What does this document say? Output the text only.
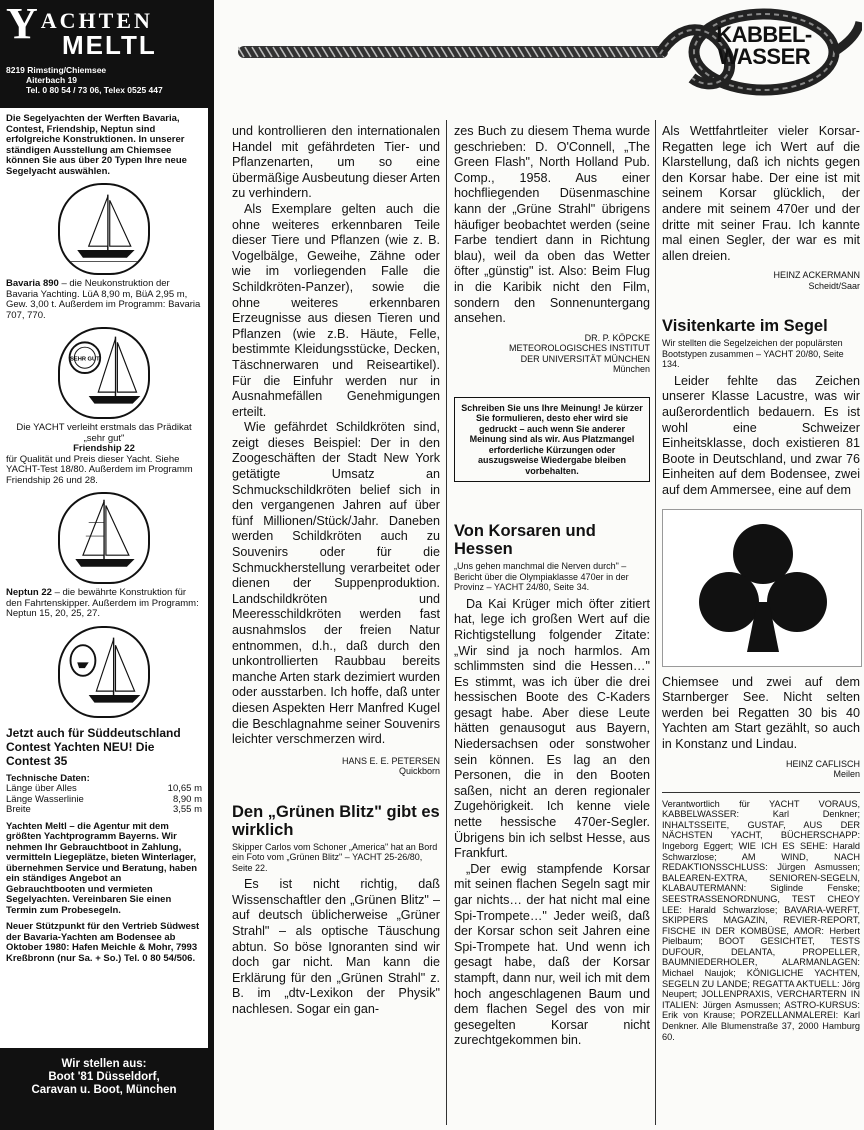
YACHTEN
MELTL
8219 Rimsting/Chiemsee
Aiterbach 19
Tel. 0 80 54 / 73 06, Telex 0525 447
Die Segelyachten der Werften Bavaria, Contest, Friendship, Neptun sind erfolgreiche Konstruktionen. In unserer ständigen Ausstellung am Chiemsee können Sie aus über 20 Typen Ihre neue Segelyacht auswählen.
Bavaria 890 – die Neukonstruktion der Bavaria Yachting. LüA 8,90 m, BüA 2,95 m, Gew. 3,00 t. Außerdem im Programm: Bavaria 707, 770.
SEHR GUT
Die YACHT verleiht erstmals das Prädikat „sehr gut"
Friendship 22
für Qualität und Preis dieser Yacht. Siehe YACHT-Test 18/80. Außerdem im Programm Friendship 26 und 28.
Neptun 22 – die bewährte Konstruktion für den Fahrtenskipper. Außerdem im Programm: Neptun 15, 20, 25, 27.
Jetzt auch für Süddeutschland Contest Yachten NEU! Die Contest 35
Technische Daten:
Länge über Alles	10,65 m
Länge Wasserlinie	8,90 m
Breite	3,55 m
Yachten Meltl – die Agentur mit dem größten Yachtprogramm Bayerns. Wir nehmen Ihr Gebrauchtboot in Zahlung, vermitteln Liegeplätze, bieten Winterlager, übernehmen Service und Beratung, haben ein ständiges Angebot an Gebrauchtbooten und vermieten Segelyachten. Vereinbaren Sie einen Termin zum Probesegeln.
Neuer Stützpunkt für den Vertrieb Südwest der Bavaria-Yachten am Bodensee ab Oktober 1980: Hafen Meichle & Mohr, 7993 Kreßbronn (nur Sa. + So.) Tel. 0 80 54/506.
Wir stellen aus:
Boot '81 Düsseldorf,
Caravan u. Boot, München
KABBEL-
WASSER

und kontrollieren den internationalen Handel mit gefährdeten Tier- und Pflanzenarten, um so eine übermäßige Ausbeutung dieser Arten zu verhindern.

Als Exemplare gelten auch die ohne weiteres erkennbaren Teile dieser Tiere und Pflanzen (wie z. B. Vogelbälge, Geweihe, Zähne oder wie im vorliegenden Falle die Schildkröten-Panzer), sowie die ohne weiteres erkennbaren Erzeugnisse aus diesen Tieren und Pflanzen (wie z.B. Häute, Felle, bestimmte Kleidungsstücke, Decken, Täschnerwaren und Reiseartikel). Für die Einfuhr werden nur in Ausnahmefällen Genehmigungen erteilt.

Wie gefährdet Schildkröten sind, zeigt dieses Beispiel: Der in den Zoogeschäften der Stadt New York getätigte Umsatz an Schmuckschildkröten belief sich in den vergangenen Jahren auf über fünf Millionen/Stück/Jahr. Daneben werden Schildkröten auch zu Souvenirs oder für die Schmuckherstellung verarbeitet oder dienen der Suppenproduktion. Landschildkröten und Meeresschildkröten werden fast ausnahmslos der freien Natur entnommen, d.h., daß durch den unkontrollierten Raubbau bereits manche Arten stark dezimiert wurden oder ausstarben. Ich hoffe, daß unter diesen Aspekten Herr Manfred Kugel die Beschlagnahme seiner Souvenirs leichter verschmerzen wird.

HANS E. E. PETERSEN
Quickborn
Den „Grünen Blitz" gibt es wirklich
Skipper Carlos vom Schoner „America" hat an Bord ein Foto vom „Grünen Blitz" – YACHT 25-26/80, Seite 22.

Es ist nicht richtig, daß Wissenschaftler den „Grünen Blitz" – auf deutsch üblicherweise „Grüner Strahl" – als optische Täuschung abtun. So böse Ignoranten sind wir doch gar nicht. Man kann die Erklärung für den „Grünen Strahl" z. B. im „dtv-Lexikon der Physik" nachlesen. Sogar ein gan-

zes Buch zu diesem Thema wurde geschrieben: D. O'Connell, „The Green Flash", North Holland Pub. Comp., 1958. Aus einer hochfliegenden Düsenmaschine kann der „Grüne Strahl" übrigens häufiger beobachtet werden (seine Farbe tendiert dann in Richtung blau), weil da oben das Wetter öfter „günstig" ist. Also: Beim Flug in die Karibik nicht den Film, sondern den Sonnenuntergang ansehen.

DR. P. KÖPCKE
METEOROLOGISCHES INSTITUT
DER UNIVERSITÄT MÜNCHEN
München
Schreiben Sie uns Ihre Meinung! Je kürzer Sie formulieren, desto eher wird sie gedruckt – auch wenn Sie anderer Meinung sind als wir. Aus Platzmangel erforderliche Kürzungen oder auszugsweise Wiedergabe bleiben vorbehalten.
Von Korsaren und Hessen
„Uns gehen manchmal die Nerven durch" – Bericht über die Olympiaklasse 470er in der Provinz – YACHT 24/80, Seite 34.

Da Kai Krüger mich öfter zitiert hat, lege ich großen Wert auf die Richtigstellung folgender Zitate: „Wir sind ja noch harmlos. Am schlimmsten sind die Hessen…" Es stimmt, was ich über die drei hessischen Boote des C-Kaders gesagt habe. Aber diese Leute hätten genausogut aus Bayern, Niedersachsen oder sonstwoher sein können. Es lag an den Personen, die in den Booten saßen, nicht an deren regionaler Zugehörigkeit. Ich kenne viele nette hessische 470er-Segler. Übrigens bin ich selbst Hesse, aus Frankfurt.

„Der ewig stampfende Korsar mit seinen flachen Segeln sagt mir gar nichts… der hat nicht mal eine Spi-Trompete…" Jeder weiß, daß der Korsar schon seit Jahren eine Spi-Trompete hat. Und wenn ich gesagt habe, daß der Korsar stampft, dann nur, weil ich mit dem hoch angeschlagenen Baum und dem flachen Segel des von mir gesegelten Korsar nicht zurechtgekommen bin.

Als Wettfahrtleiter vieler Korsar-Regatten lege ich Wert auf die Klarstellung, daß ich nichts gegen den Korsar habe. Der eine ist mit seinem Korsar glücklich, der andere mit seinem 470er und der dritte mit seiner Frau. Ich kannte mal einen Segler, der war es mit allen dreien.

HEINZ ACKERMANN
Scheidt/Saar
Visitenkarte im Segel
Wir stellten die Segelzeichen der populärsten Bootstypen zusammen – YACHT 20/80, Seite 134.

Leider fehlte das Zeichen unserer Klasse Lacustre, was wir außerordentlich bedauern. Es ist wohl eine Schweizer Einheitsklasse, doch existieren 81 Boote in Deutschland, und zwar 76 Einheiten auf dem Bodensee, zwei auf dem Ammersee, eine auf dem

Chiemsee und zwei auf dem Starnberger See. Nicht selten werden bei Regatten 30 bis 40 Yachten am Start gezählt, so auch in Konstanz und Lindau.

HEINZ CAFLISCH
Meilen
Verantwortlich für YACHT VORAUS, KABBELWASSER: Karl Denkner; INHALTSSEITE, GUSTAF, AUS DER NÄCHSTEN YACHT, BÜCHERSCHAPP: Ingeborg Eggert; WIE ICH ES SEHE: Harald Schwarzlose; AM WIND, NACH REDAKTIONSSCHLUSS: Jürgen Asmussen; BALEAREN-EXTRA, SENIOREN-SEGELN, KLABAUTERMANN: Siglinde Fenske; SEESTRASSENORDNUNG, TEST CHEOY LEE: Harald Schwarzlose; BAVARIA-WERFT, SKIPPERS MAGAZIN, REVIER-REPORT, FISCHE IN DER KOMBÜSE, AMOR: Herbert Pielbaum; BOOT GESICHTET, TESTS DUFOUR, DELANTA, PROPELLER, BAUMNIEDERHOLER, ALARMANLAGEN: Michael Naujok; KÖNIGLICHE YACHTEN, SEGELN ZU LANDE; REGATTA AKTUELL: Jörg Neupert; JOLLENPRAXIS, VERCHARTERN IN ITALIEN: Jürgen Asmussen; ASTRO-KURSUS: Erik von Krause; PORZELLANMALEREI: Karl Denkner. Alle Blumenstraße 37, 2000 Hamburg 60.
